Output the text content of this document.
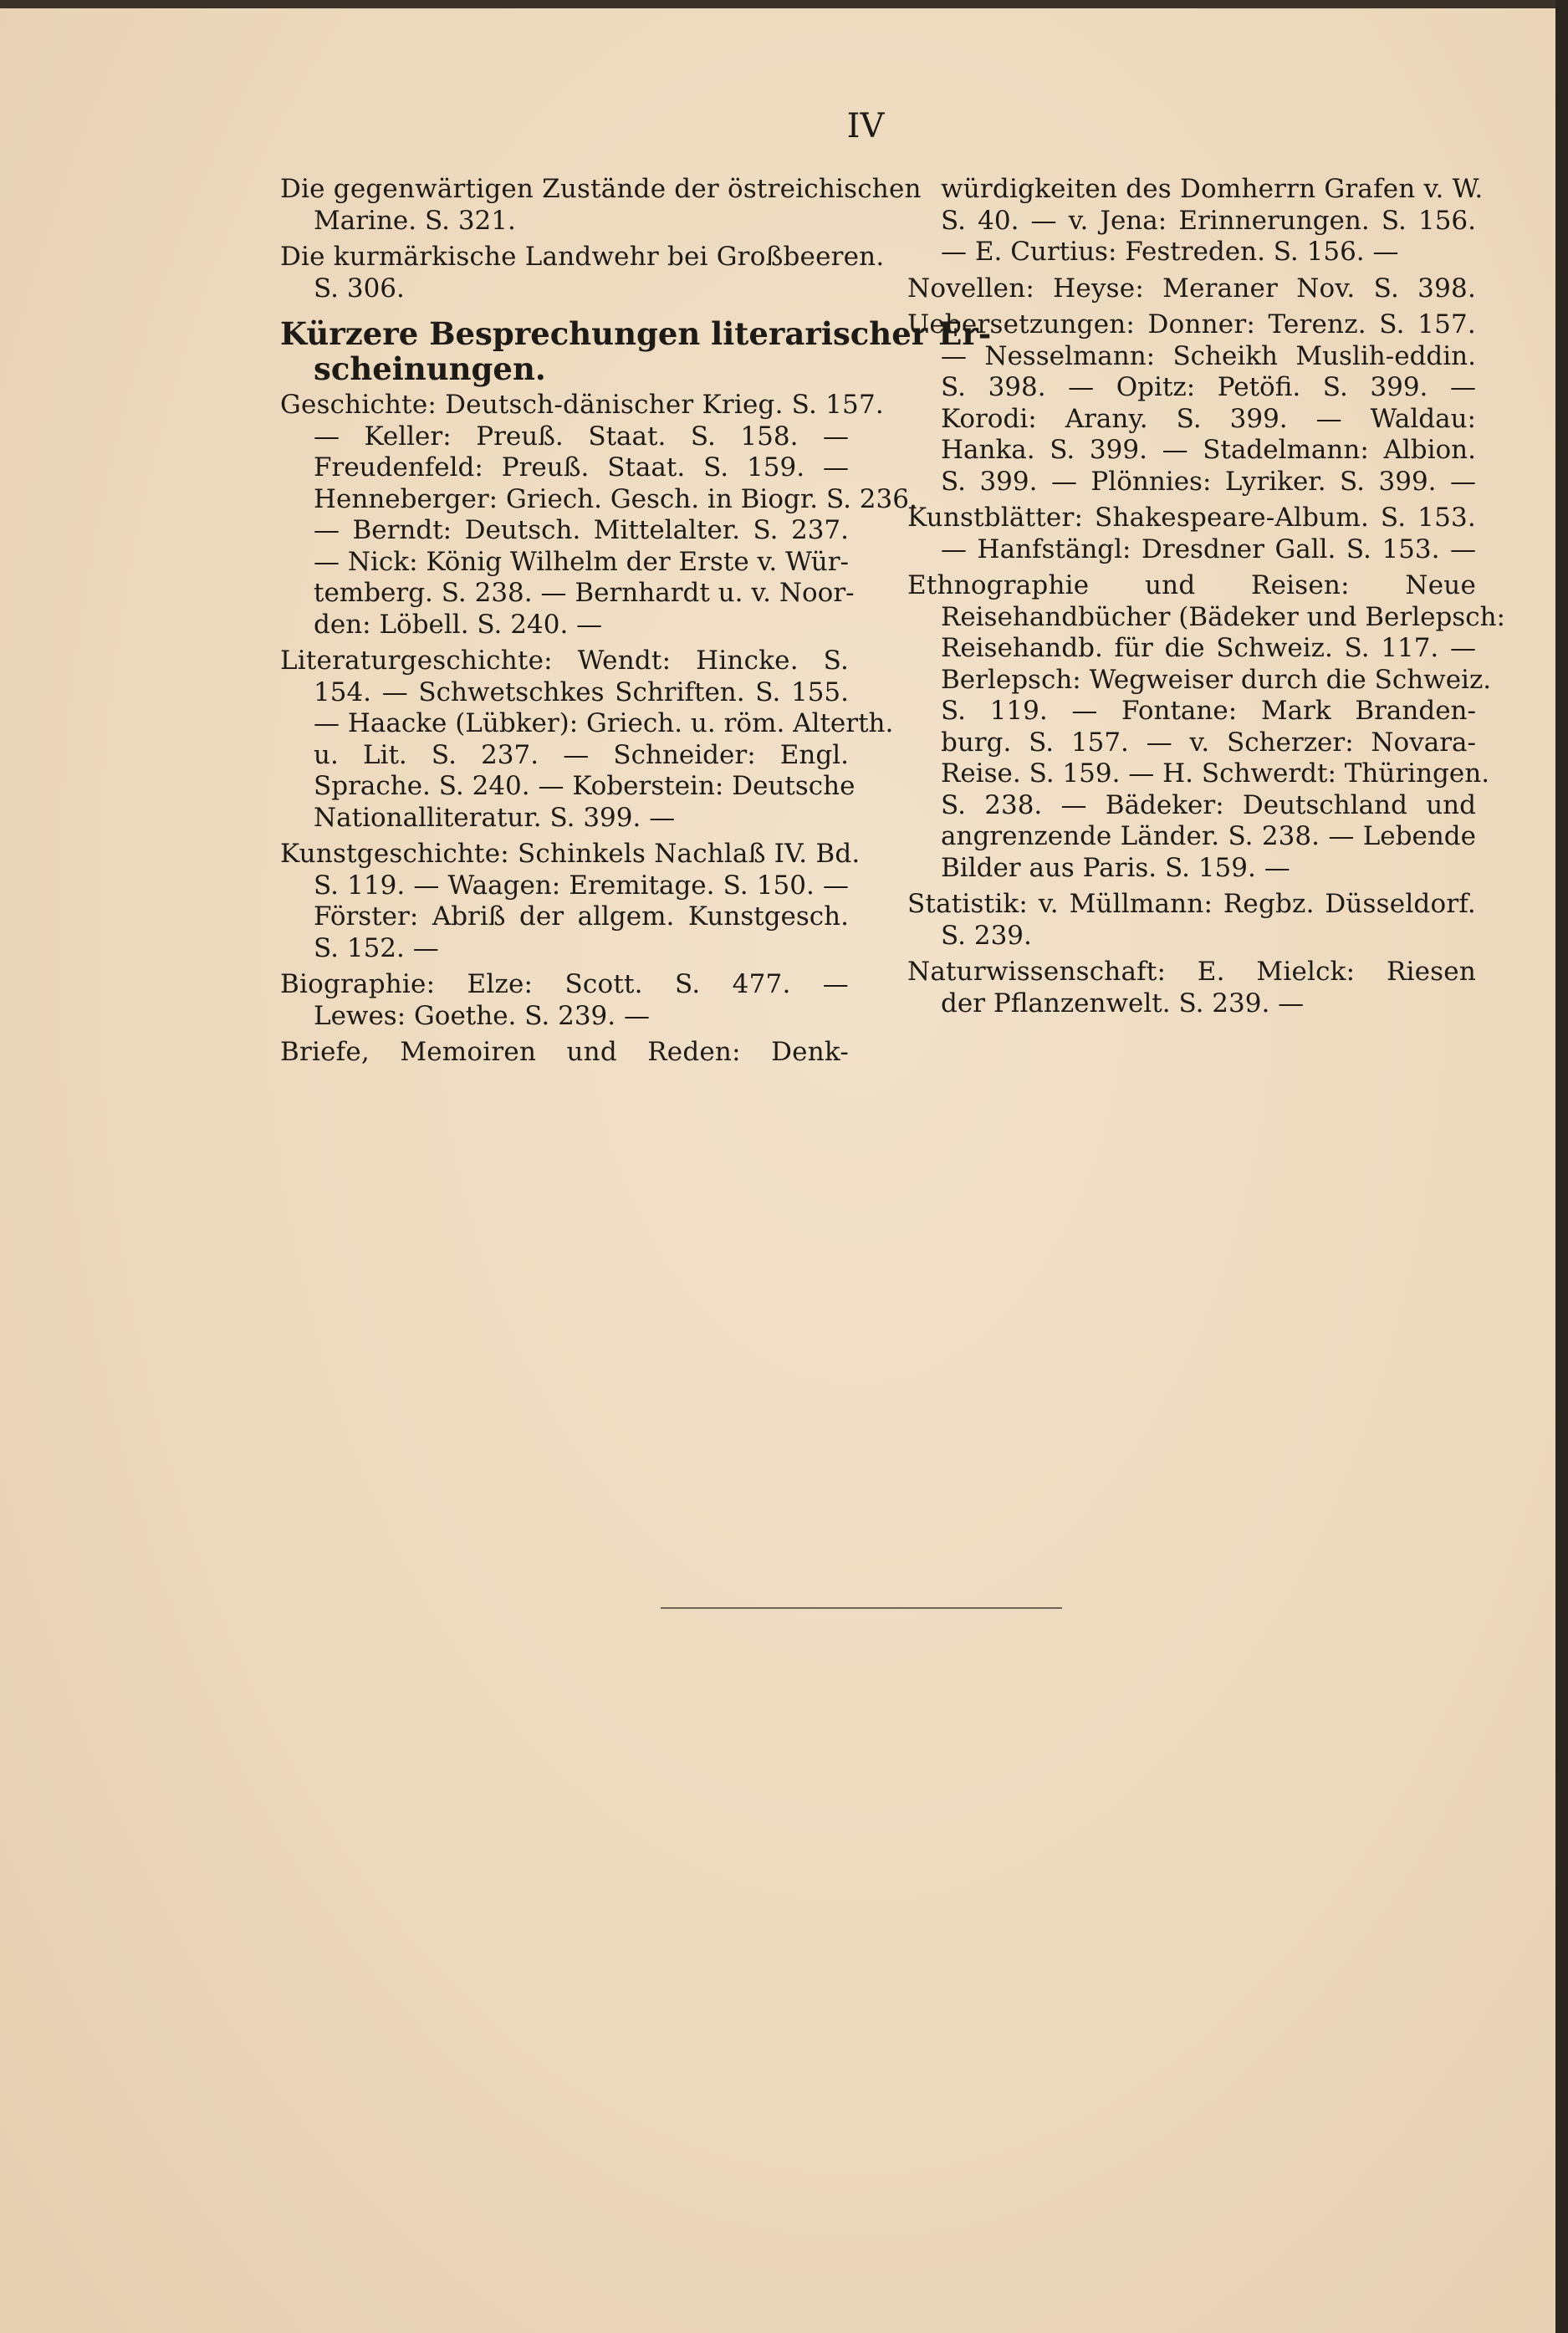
IV
Die gegenwärtigen Zustände der östreichischen
Marine. S. 321.
Die kurmärkische Landwehr bei Großbeeren.
S. 306.
Kürzere Besprechungen literarischer Er-
scheinungen.
Geschichte: Deutsch-dänischer Krieg. S. 157.
— Keller: Preuß. Staat. S. 158. —
Freudenfeld: Preuß. Staat. S. 159. —
Henneberger: Griech. Gesch. in Biogr. S. 236.
— Berndt: Deutsch. Mittelalter. S. 237.
— Nick: König Wilhelm der Erste v. Wür-
temberg. S. 238. — Bernhardt u. v. Noor-
den: Löbell. S. 240. —
Literaturgeschichte: Wendt: Hincke. S.
154. — Schwetschkes Schriften. S. 155.
— Haacke (Lübker): Griech. u. röm. Alterth.
u. Lit. S. 237. — Schneider: Engl.
Sprache. S. 240. — Koberstein: Deutsche
Nationalliteratur. S. 399. —
Kunstgeschichte: Schinkels Nachlaß IV. Bd.
S. 119. — Waagen: Eremitage. S. 150. —
Förster: Abriß der allgem. Kunstgesch.
S. 152. —
Biographie: Elze: Scott. S. 477. —
Lewes: Goethe. S. 239. —
Briefe, Memoiren und Reden: Denk-
würdigkeiten des Domherrn Grafen v. W.
S. 40. — v. Jena: Erinnerungen. S. 156.
— E. Curtius: Festreden. S. 156. —
Novellen: Heyse: Meraner Nov. S. 398.
Uebersetzungen: Donner: Terenz. S. 157.
— Nesselmann: Scheikh Muslih-eddin.
S. 398. — Opitz: Petöfi. S. 399. —
Korodi: Arany. S. 399. — Waldau:
Hanka. S. 399. — Stadelmann: Albion.
S. 399. — Plönnies: Lyriker. S. 399. —
Kunstblätter: Shakespeare-Album. S. 153.
— Hanfstängl: Dresdner Gall. S. 153. —
Ethnographie und Reisen: Neue
Reisehandbücher (Bädeker und Berlepsch:
Reisehandb. für die Schweiz. S. 117. —
Berlepsch: Wegweiser durch die Schweiz.
S. 119. — Fontane: Mark Branden-
burg. S. 157. — v. Scherzer: Novara-
Reise. S. 159. — H. Schwerdt: Thüringen.
S. 238. — Bädeker: Deutschland und
angrenzende Länder. S. 238. — Lebende
Bilder aus Paris. S. 159. —
Statistik: v. Müllmann: Regbz. Düsseldorf.
S. 239.
Naturwissenschaft: E. Mielck: Riesen
der Pflanzenwelt. S. 239. —
